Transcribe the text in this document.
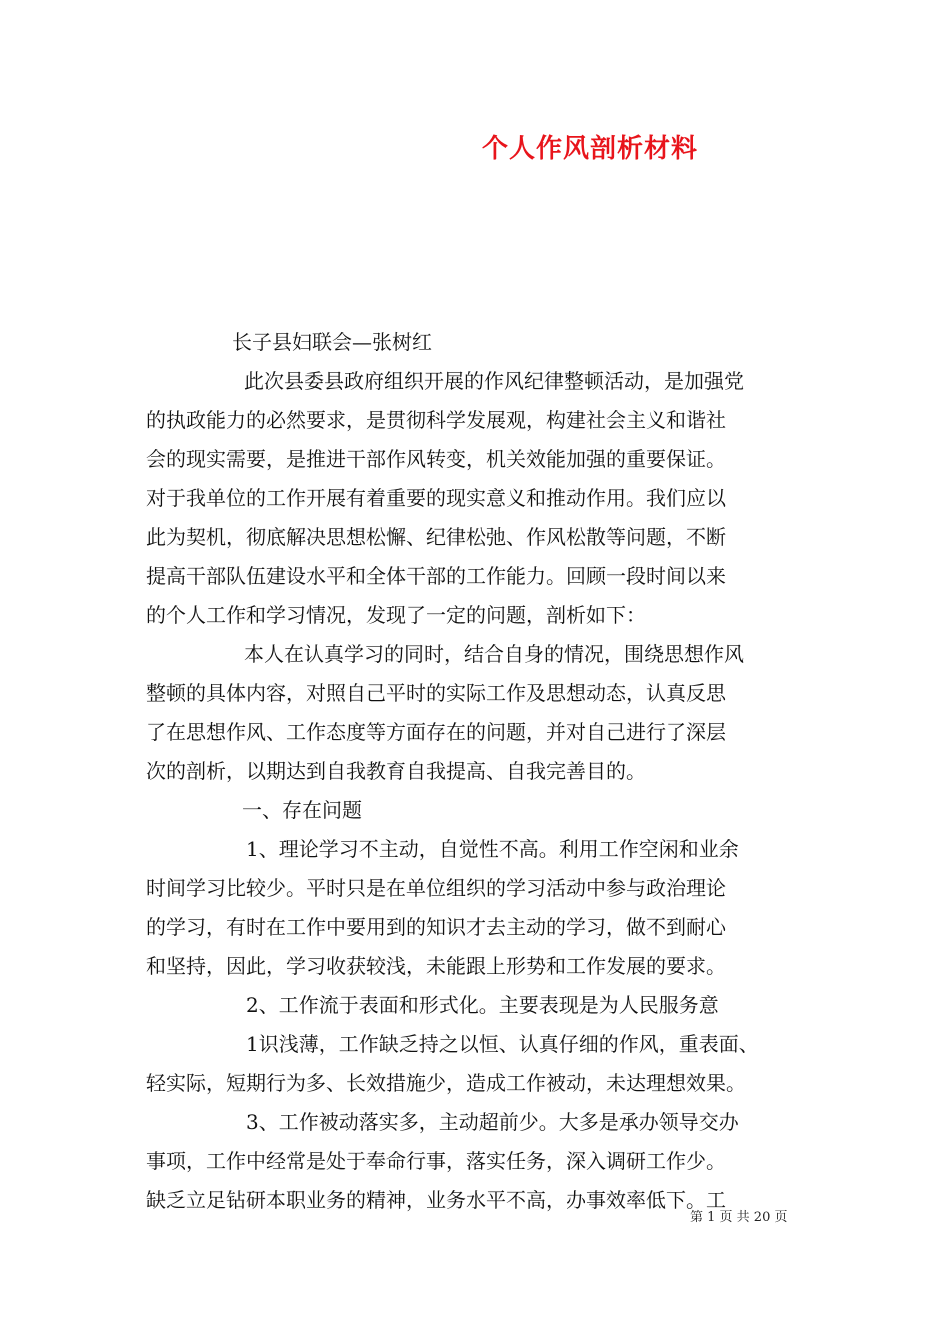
个人作风剖析材料
长子县妇联会—张树红
此次县委县政府组织开展的作风纪律整顿活动，是加强党
的执政能力的必然要求，是贯彻科学发展观，构建社会主义和谐社
会的现实需要，是推进干部作风转变，机关效能加强的重要保证。
对于我单位的工作开展有着重要的现实意义和推动作用。我们应以
此为契机，彻底解决思想松懈、纪律松弛、作风松散等问题，不断
提高干部队伍建设水平和全体干部的工作能力。回顾一段时间以来
的个人工作和学习情况，发现了一定的问题，剖析如下：
本人在认真学习的同时，结合自身的情况，围绕思想作风
整顿的具体内容，对照自己平时的实际工作及思想动态，认真反思
了在思想作风、工作态度等方面存在的问题，并对自己进行了深层
次的剖析，以期达到自我教育自我提高、自我完善目的。
一、存在问题
1、理论学习不主动，自觉性不高。利用工作空闲和业余
时间学习比较少。平时只是在单位组织的学习活动中参与政治理论
的学习，有时在工作中要用到的知识才去主动的学习，做不到耐心
和坚持，因此，学习收获较浅，未能跟上形势和工作发展的要求。
2、工作流于表面和形式化。主要表现是为人民服务意
1识浅薄，工作缺乏持之以恒、认真仔细的作风，重表面、
轻实际，短期行为多、长效措施少，造成工作被动，未达理想效果。
3、工作被动落实多，主动超前少。大多是承办领导交办
事项，工作中经常是处于奉命行事，落实任务，深入调研工作少。
缺乏立足钻研本职业务的精神，业务水平不高，办事效率低下。工
第 1 页 共 20 页
